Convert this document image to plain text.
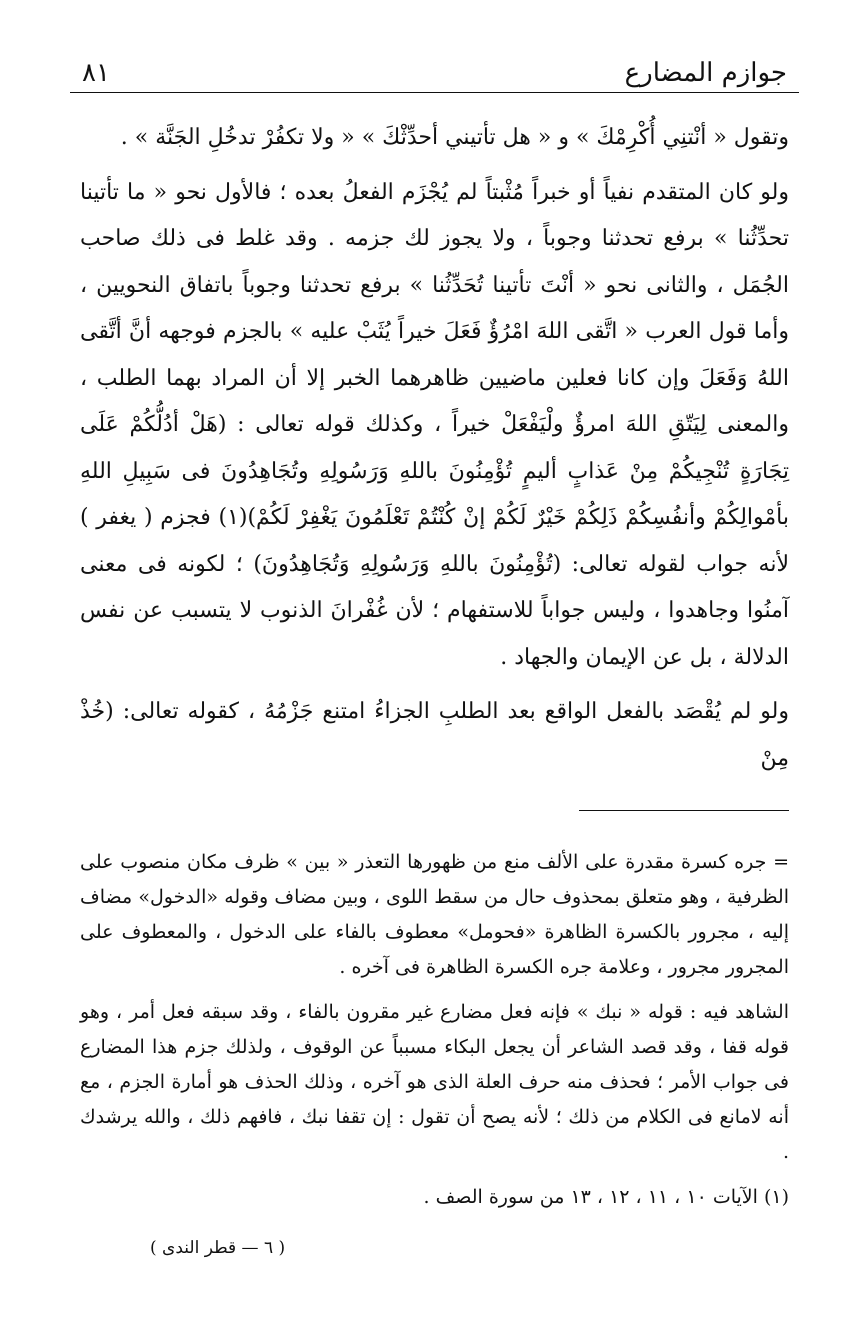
جوازم المضارع
٨١

وتقول « أنْتنِي أُكْرِمْكَ » و « هل تأتيني أحدِّثْكَ » « ولا تكفُرْ تدخُلِ الجَنَّة » .

ولو كان المتقدم نفياً أو خبراً مُثْبتاً لم يُجْزَم الفعلُ بعده ؛ فالأول نحو « ما تأتينا تحدِّثُنا » برفع تحدثنا وجوباً ، ولا يجوز لك جزمه . وقد غلط فى ذلك صاحب الجُمَل ، والثانى نحو « أنْتَ تأتينا تُحَدِّثُنا » برفع تحدثنا وجوباً باتفاق النحويين ، وأما قول العرب « اتَّقى اللهَ امْرُؤٌ فَعَلَ خيراً يُثَبْ عليه » بالجزم فوجهه أنَّ أتَّقى اللهُ وَفَعَلَ وإن كانا فعلين ماضيين ظاهرهما الخبر إلا أن المراد بهما الطلب ، والمعنى لِيَتّقِ اللهَ امرؤٌ ولْيَفْعَلْ خيراً ، وكذلك قوله تعالى : (هَلْ أدُلُّكُمْ عَلَى تِجَارَةٍ تُنْجِيكُمْ مِنْ عَذابٍ أليمٍ تُؤْمِنُونَ باللهِ وَرَسُولِهِ وتُجَاهِدُونَ فى سَبِيلِ اللهِ بأمْوالِكُمْ وأنفُسِكُمْ ذَلِكُمْ خَيْرٌ لَكُمْ إنْ كُنْتُمْ تَعْلَمُونَ يَغْفِرْ لَكُمْ)(١) فجزم ( يغفر ) لأنه جواب لقوله تعالى: (تُؤْمِنُونَ باللهِ وَرَسُولِهِ وَتُجَاهِدُونَ) ؛ لكونه فى معنى آمنُوا وجاهدوا ، وليس جواباً للاستفهام ؛ لأن غُفْرانَ الذنوب لا يتسبب عن نفس الدلالة ، بل عن الإيمان والجهاد .

ولو لم يُقْصَد بالفعل الواقع بعد الطلبِ الجزاءُ امتنع جَزْمُهُ ، كقوله تعالى: (خُذْ مِنْ

= جره كسرة مقدرة على الألف منع من ظهورها التعذر « بين » ظرف مكان منصوب على الظرفية ، وهو متعلق بمحذوف حال من سقط اللوى ، وبين مضاف وقوله «الدخول» مضاف إليه ، مجرور بالكسرة الظاهرة «فحومل» معطوف بالفاء على الدخول ، والمعطوف على المجرور مجرور ، وعلامة جره الكسرة الظاهرة فى آخره .

الشاهد فيه : قوله « نبك » فإنه فعل مضارع غير مقرون بالفاء ، وقد سبقه فعل أمر ، وهو قوله قفا ، وقد قصد الشاعر أن يجعل البكاء مسبباً عن الوقوف ، ولذلك جزم هذا المضارع فى جواب الأمر ؛ فحذف منه حرف العلة الذى هو آخره ، وذلك الحذف هو أمارة الجزم ، مع أنه لامانع فى الكلام من ذلك ؛ لأنه يصح أن تقول : إن تقفا نبك ، فافهم ذلك ، والله يرشدك .

(١) الآيات ١٠ ، ١١ ، ١٢ ، ١٣ من سورة الصف .

( ٦ — قطر الندى )
